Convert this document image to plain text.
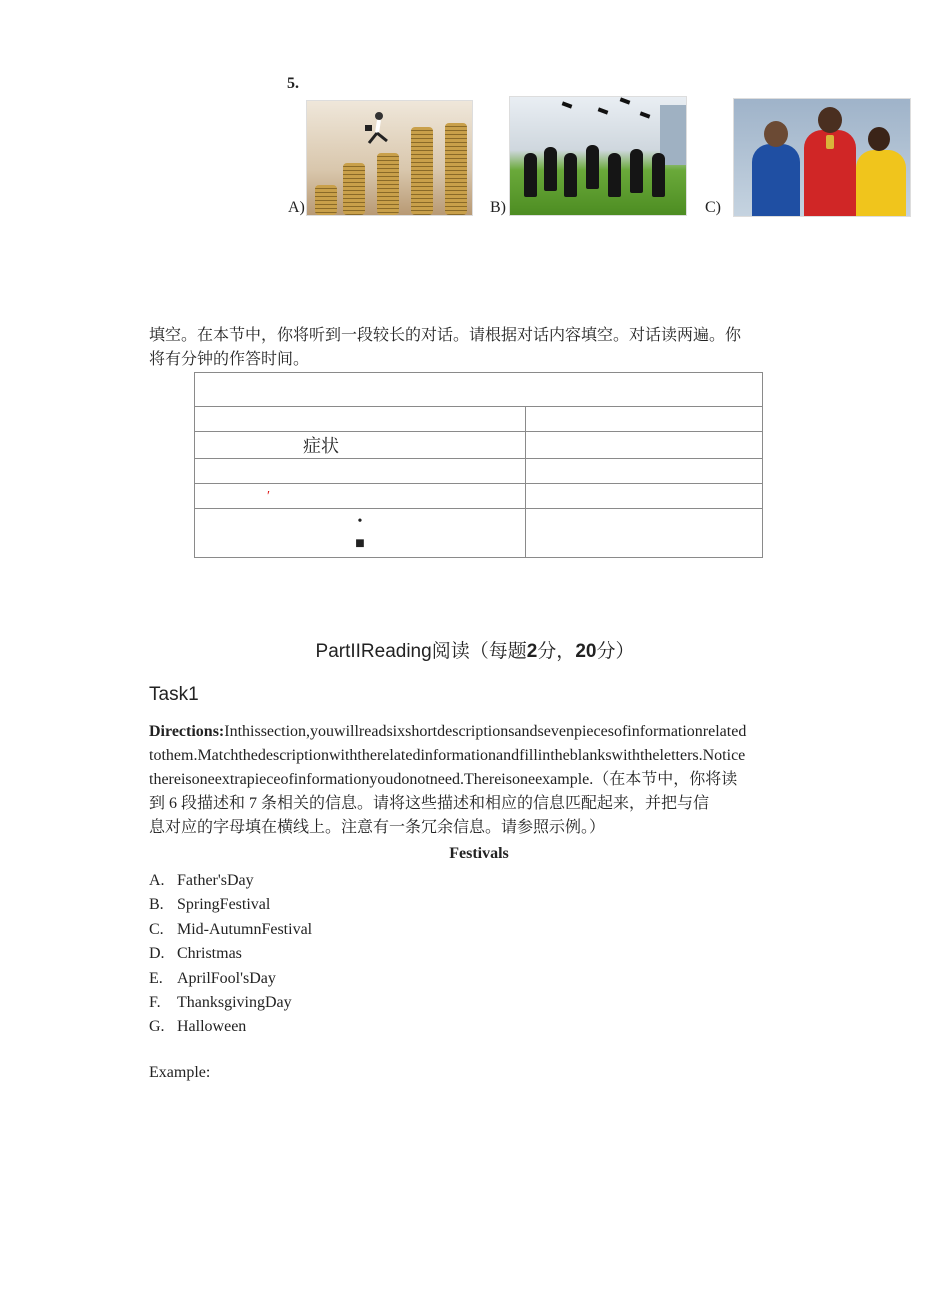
5.
A)	B)	C)
填空。在本节中，你将听到一段较长的对话。请根据对话内容填空。对话读两遍。你
将有分钟的作答时间。

症状	

′	

•
■	

PartIIReading阅读（每题2分，20分）
Task1
Directions:Inthissection,youwillreadsixshortdescriptionsandsevenpiecesofinformationrelated
tothem.Matchthedescriptionwiththerelatedinformationandfillintheblankswiththeletters.Notice
thereisoneextrapieceofinformationyoudonotneed.Thereisoneexample.（在本节中，你将读
到 6 段描述和 7 条相关的信息。请将这些描述和相应的信息匹配起来，并把与信
息对应的字母填在横线上。注意有一条冗余信息。请参照示例。）
Festivals
A. Father'sDay
B. SpringFestival
C. Mid-AutumnFestival
D. Christmas
E. AprilFool'sDay
F. ThanksgivingDay
G. Halloween
Example:
